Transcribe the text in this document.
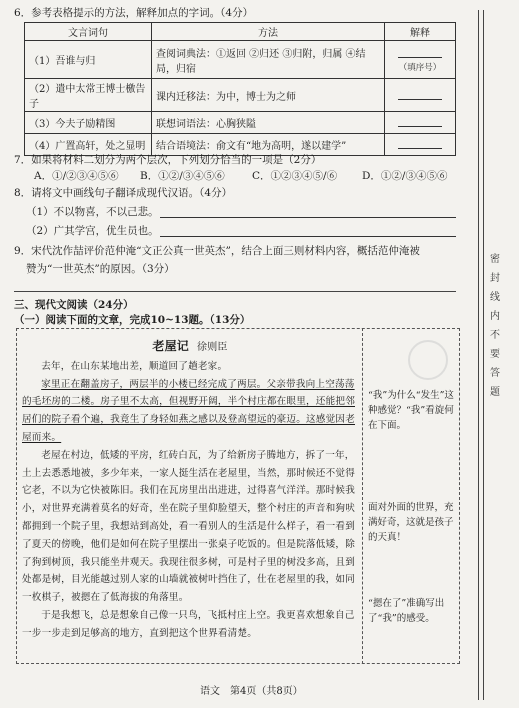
密封线内不要答题
6．参考表格提示的方法，解释加点的字词。（4分）
文言词句	方法	解释
（1）吾谁与归	查阅词典法：①返回 ②归还 ③归附，归属 ④结局，归宿	（填序号）
（2）遣中太常王博士檄告子	课内迁移法：为中，博士为之师	
（3）今夫子励精图	联想词语法：心胸狭隘	
（4）广置高轩，处之显明	结合语境法：俞文有“地为高明，遂以建学”	
7．如果将材料二划分为两个层次，下列划分恰当的一项是（2分）
A．①/②③④⑤⑥ B．①②/③④⑤⑥	C．①②③④⑤/⑥ D．①②/③④⑤⑥
8．请将文中画线句子翻译成现代汉语。（4分）
（1）不以物喜，不以己悲。
（2）广其学宫，优生员也。
9．宋代沈作喆评价范仲淹“文正公真一世英杰”，结合上面三则材料内容，概括范仲淹被
赞为“一世英杰”的原因。（3分）
三、现代文阅读（24分）
（一）阅读下面的文章，完成10~13题。（13分）
老屋记 徐则臣

去年，在山东某地出差，顺道回了趟老家。

家里正在翻盖房子，两层半的小楼已经完成了两层。父亲带我向上空荡荡的毛坯房的二楼。房子里不太高，但视野开阔，半个村庄都在眼里，还能把邻居们的院子看个遍，我竟生了身轻如燕之感以及登高望远的豪迈。这感觉因老屋而来。

老屋在村边，低矮的平房，红砖白瓦，为了给新房子腾地方，拆了一年，土上去悉悉地被，多少年来，一家人挺生活在老屋里，当然，那时候还不觉得它老，不以为它快被陈旧。我们在瓦房里出出进进，过得喜气洋洋。那时候我小，对世界充满着莫名的好奇，坐在院子里仰脸望天，整个村庄的声音和狗吠都拥到一个院子里，我想站到高处，看一看别人的生活是什么样子，看一看到了夏天的傍晚，他们是如何在院子里摆出一张桌子吃饭的。但是院落低矮，除了狗到树顶，我只能坐井观天。我现往很多树，可是村子里的树没多高，且到处都是树，目光能越过别人家的山墙就被树叶挡住了，仕在老屋里的我，如同一枚棋子，被摁在了低海拔的角落里。

于是我想飞，总是想象自己像一只鸟，飞抵村庄上空。我更喜欢想象自己一步一步走到足够高的地方，直到把这个世界看清楚。

“我”为什么“发生”这种感觉？“我”看旋何在下面。
面对外面的世界，充满好奇，这就是孩子的天真！
“摁在了”准确写出了“我”的感受。
语文　第4页（共8页）
